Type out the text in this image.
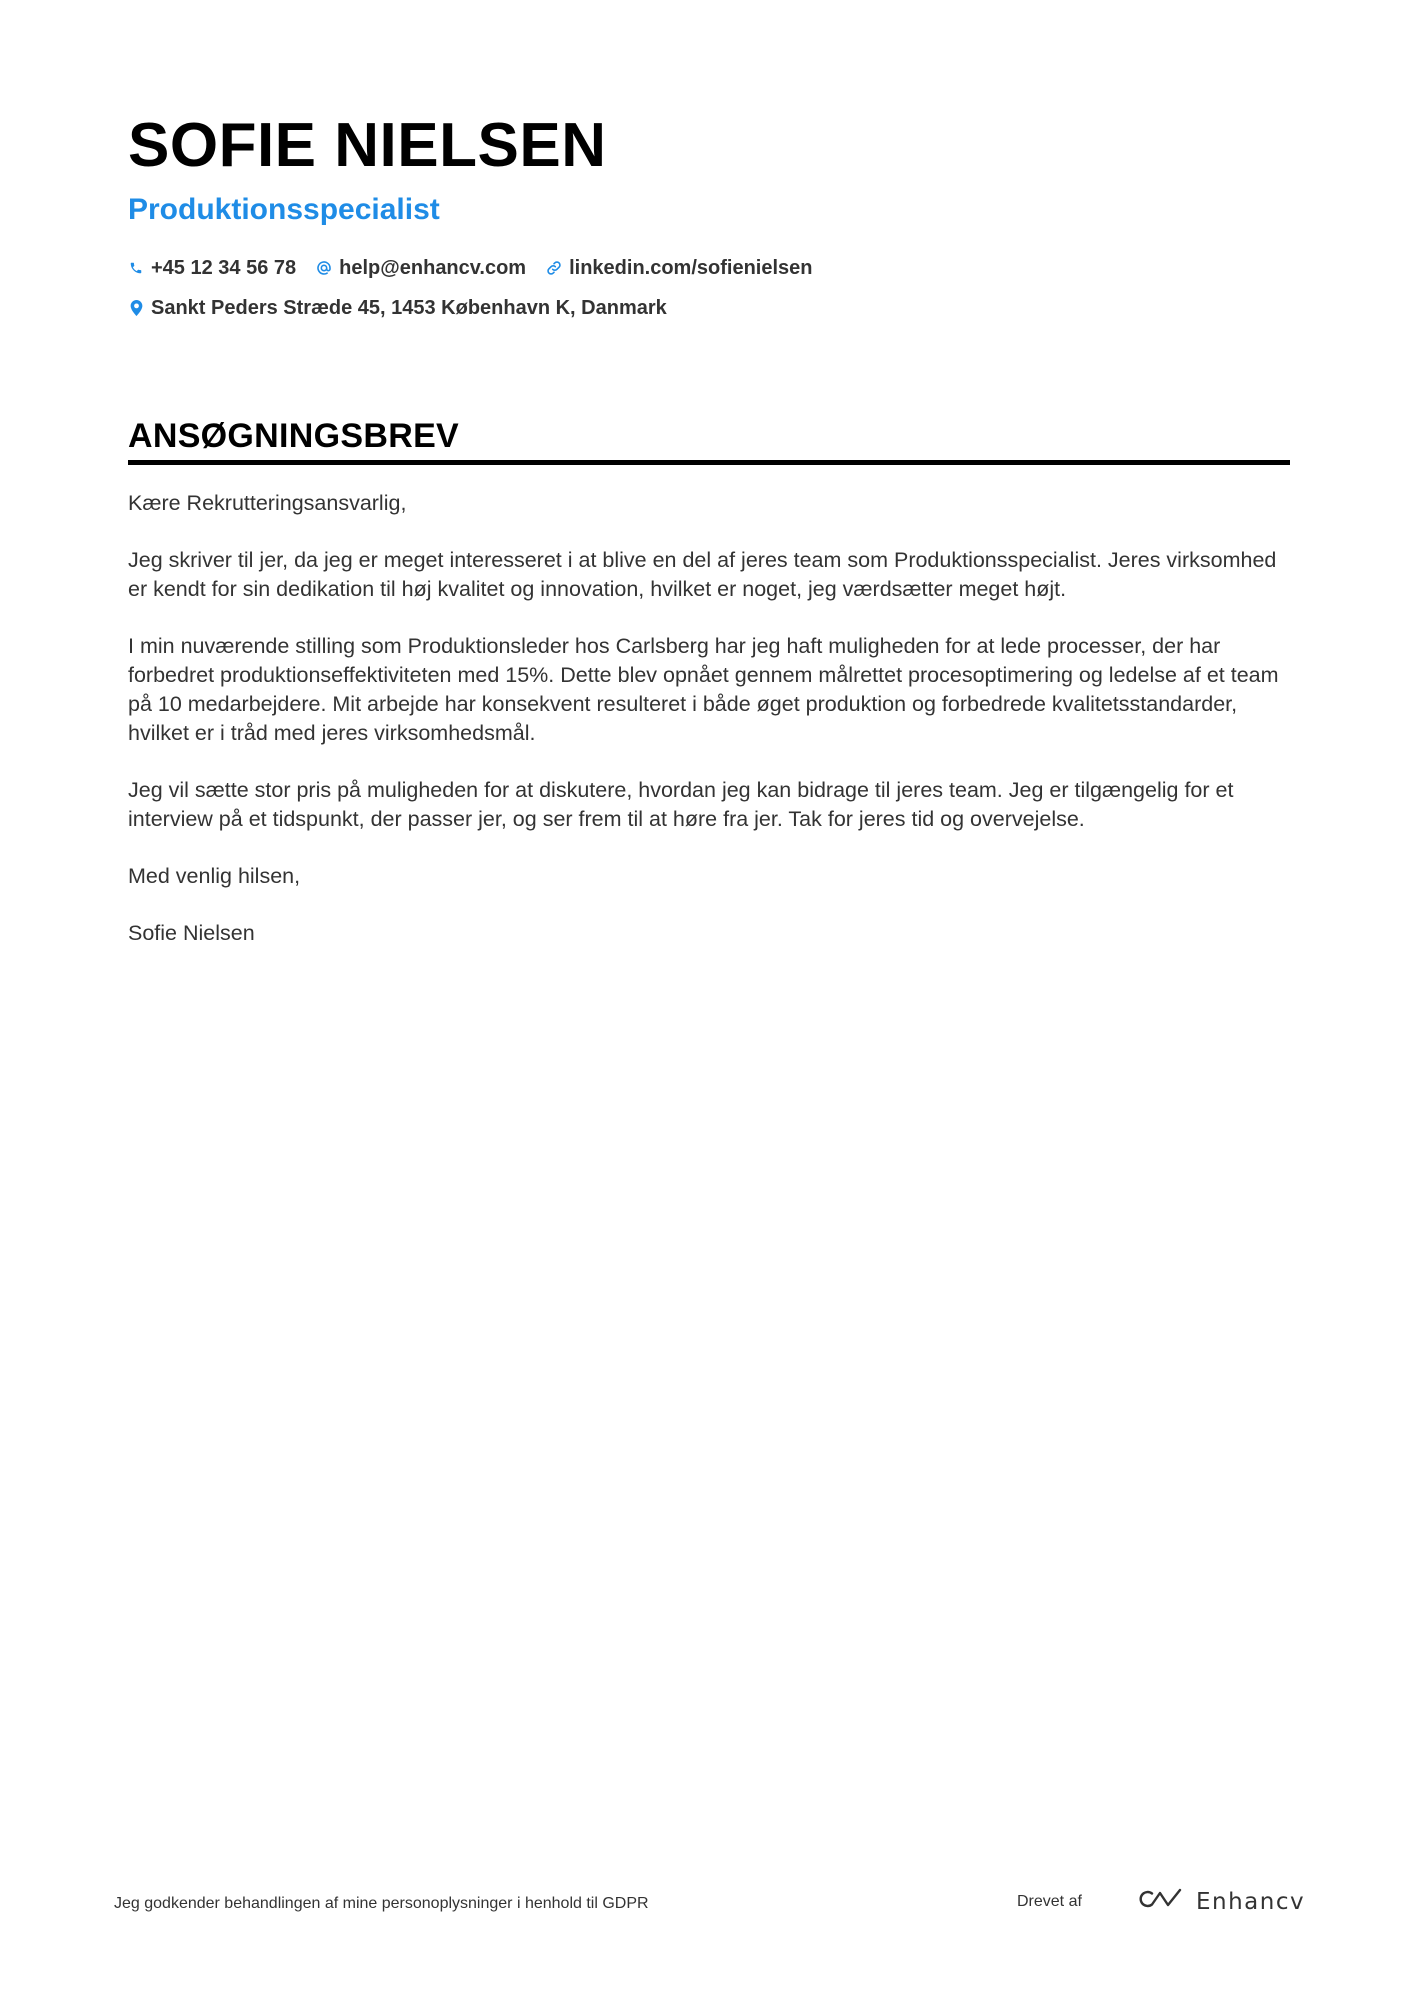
SOFIE NIELSEN
Produktionsspecialist
+45 12 34 56 78 help@enhancv.com linkedin.com/sofienielsen
Sankt Peders Stræde 45, 1453 København K, Danmark
ANSØGNINGSBREV

Kære Rekrutteringsansvarlig,

Jeg skriver til jer, da jeg er meget interesseret i at blive en del af jeres team som Produktionsspecialist. Jeres virksomhed er kendt for sin dedikation til høj kvalitet og innovation, hvilket er noget, jeg værdsætter meget højt.

I min nuværende stilling som Produktionsleder hos Carlsberg har jeg haft muligheden for at lede processer, der har forbedret produktionseffektiviteten med 15%. Dette blev opnået gennem målrettet procesoptimering og ledelse af et team på 10 medarbejdere. Mit arbejde har konsekvent resulteret i både øget produktion og forbedrede kvalitetsstandarder, hvilket er i tråd med jeres virksomhedsmål.

Jeg vil sætte stor pris på muligheden for at diskutere, hvordan jeg kan bidrage til jeres team. Jeg er tilgængelig for et interview på et tidspunkt, der passer jer, og ser frem til at høre fra jer. Tak for jeres tid og overvejelse.

Med venlig hilsen,

Sofie Nielsen

Jeg godkender behandlingen af mine personoplysninger i henhold til GDPR	Drevet af	Enhancv
